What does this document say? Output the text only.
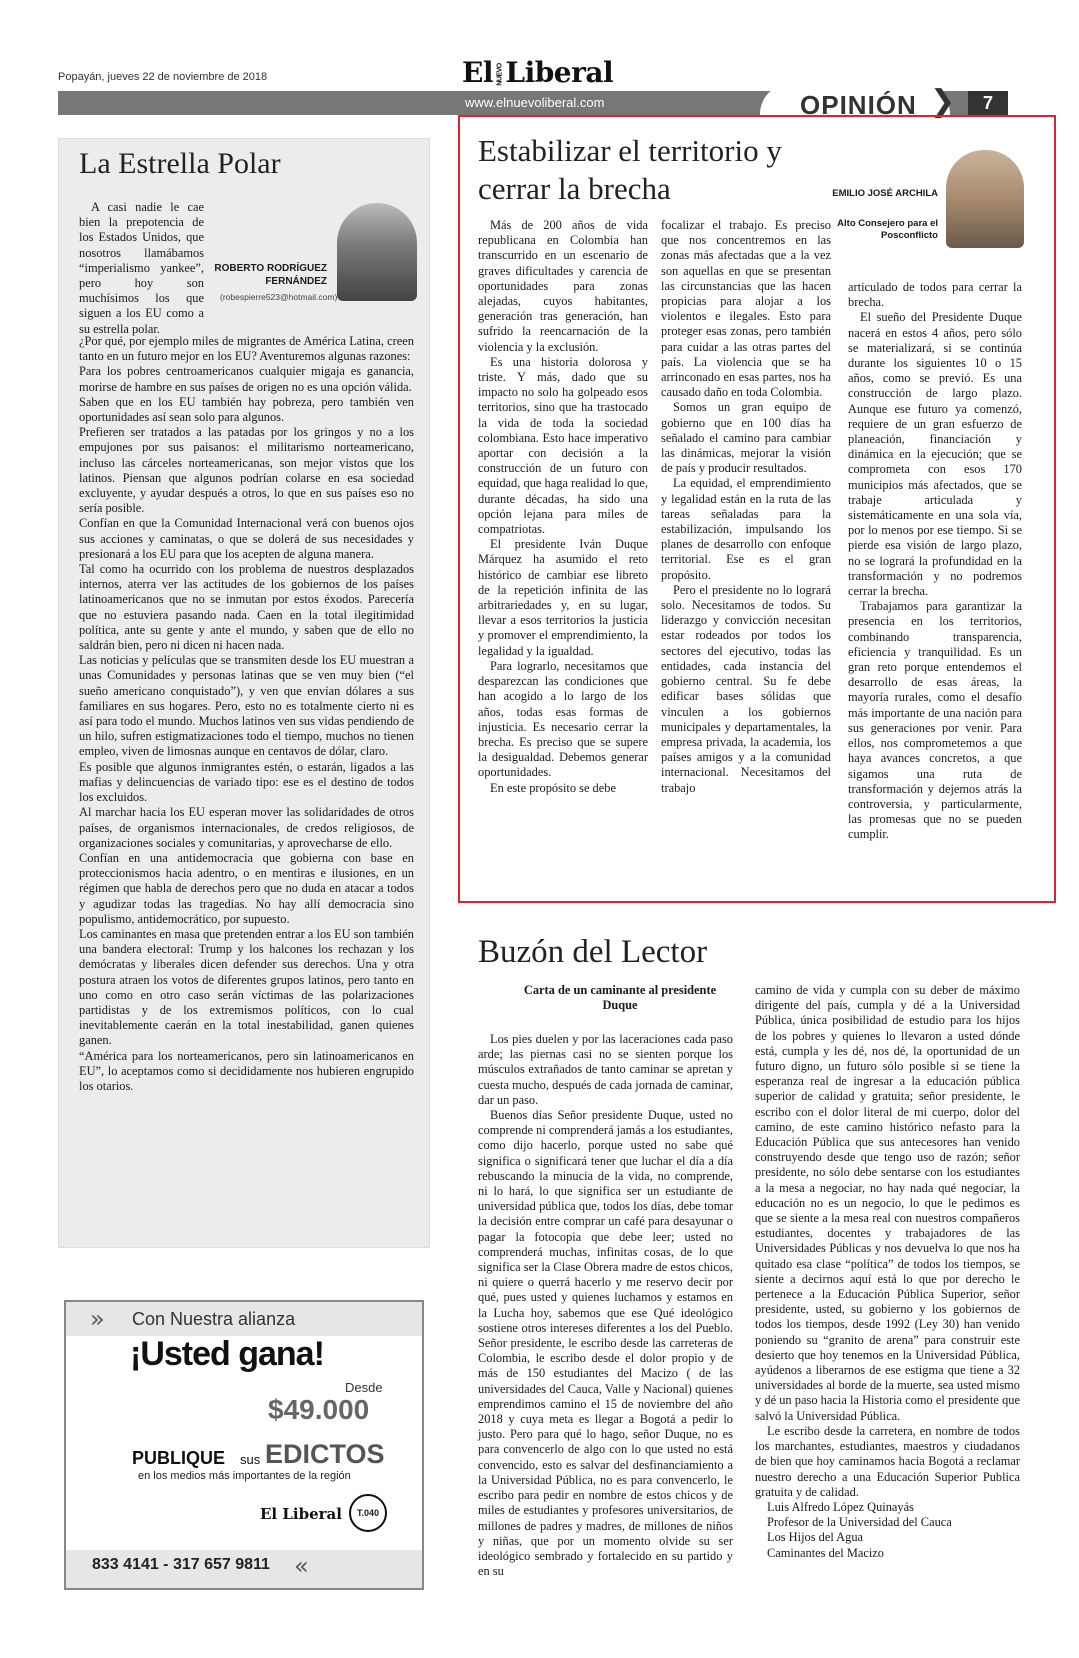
Popayán, jueves 22 de noviembre de 2018	El NUEVOLiberal
www.elnuevoliberal.com	OPINIÓN ❯	7
La Estrella Polar

A casi nadie le cae bien la prepotencia de los Estados Unidos, que nosotros llamábamos “imperialismo yankee”, pero hoy son muchísimos los que siguen a los EU como a su estrella polar.

ROBERTO RODRÍGUEZ FERNÁNDEZ
(robespierre523@hotmail.com)

¿Por qué, por ejemplo miles de migrantes de América Latina, creen tanto en un futuro mejor en los EU? Aventuremos algunas razones:

Para los pobres centroamericanos cualquier migaja es ganancia, morirse de hambre en sus países de origen no es una opción válida.

Saben que en los EU también hay pobreza, pero también ven oportunidades así sean solo para algunos.

Prefieren ser tratados a las patadas por los gringos y no a los empujones por sus paisanos: el militarismo norteamericano, incluso las cárceles norteamericanas, son mejor vistos que los latinos. Piensan que algunos podrían colarse en esa sociedad excluyente, y ayudar después a otros, lo que en sus países eso no sería posible.

Confían en que la Comunidad Internacional verá con buenos ojos sus acciones y caminatas, o que se dolerá de sus necesidades y presionará a los EU para que los acepten de alguna manera.

Tal como ha ocurrido con los problema de nuestros desplazados internos, aterra ver las actitudes de los gobiernos de los países latinoamericanos que no se inmutan por estos éxodos. Parecería que no estuviera pasando nada. Caen en la total ilegitimidad política, ante su gente y ante el mundo, y saben que de ello no saldrán bien, pero ni dicen ni hacen nada.

Las noticias y películas que se transmiten desde los EU muestran a unas Comunidades y personas latinas que se ven muy bien (“el sueño americano conquistado”), y ven que envían dólares a sus familiares en sus hogares. Pero, esto no es totalmente cierto ni es así para todo el mundo. Muchos latinos ven sus vidas pendiendo de un hilo, sufren estigmatizaciones todo el tiempo, muchos no tienen empleo, viven de limosnas aunque en centavos de dólar, claro.

Es posible que algunos inmigrantes estén, o estarán, ligados a las mafias y delincuencias de variado tipo: ese es el destino de todos los excluidos.

Al marchar hacia los EU esperan mover las solidaridades de otros países, de organismos internacionales, de credos religiosos, de organizaciones sociales y comunitarias, y aprovecharse de ello.

Confían en una antidemocracia que gobierna con base en proteccionismos hacia adentro, o en mentiras e ilusiones, en un régimen que habla de derechos pero que no duda en atacar a todos y agudizar todas las tragedias. No hay allí democracia sino populismo, antidemocrático, por supuesto.

Los caminantes en masa que pretenden entrar a los EU son también una bandera electoral: Trump y los halcones los rechazan y los demócratas y liberales dicen defender sus derechos. Una y otra postura atraen los votos de diferentes grupos latinos, pero tanto en uno como en otro caso serán víctimas de las polarizaciones partidistas y de los extremismos políticos, con lo cual inevitablemente caerán en la total inestabilidad, ganen quienes ganen.

“América para los norteamericanos, pero sin latinoamericanos en EU”, lo aceptamos como si decididamente nos hubieren engrupido los otarios.

» Con Nuestra alianza
¡Usted gana!
Desde
$49.000
PUBLIQUE sus EDICTOS
en los medios más importantes de la región
El Liberal	T.040
833 4141 - 317 657 9811 «
Estabilizar el territorio y cerrar la brecha	EMILIO JOSÉ ARCHILA
Alto Consejero para el Posconflicto

Más de 200 años de vida republicana en Colombia han transcurrido en un escenario de graves dificultades y carencia de oportunidades para zonas alejadas, cuyos habitantes, generación tras generación, han sufrido la reencarnación de la violencia y la exclusión.

Es una historia dolorosa y triste. Y más, dado que su impacto no solo ha golpeado esos territorios, sino que ha trastocado la vida de toda la sociedad colombiana. Esto hace imperativo aportar con decisión a la construcción de un futuro con equidad, que haga realidad lo que, durante décadas, ha sido una opción lejana para miles de compatriotas.

El presidente Iván Duque Márquez ha asumido el reto histórico de cambiar ese libreto de la repetición infinita de las arbitrariedades y, en su lugar, llevar a esos territorios la justicia y promover el emprendimiento, la legalidad y la igualdad.

Para lograrlo, necesitamos que desparezcan las condiciones que han acogido a lo largo de los años, todas esas formas de injusticia. Es necesario cerrar la brecha. Es preciso que se supere la desigualdad. Debemos generar oportunidades.

En este propósito se debe

focalizar el trabajo. Es preciso que nos concentremos en las zonas más afectadas que a la vez son aquellas en que se presentan las circunstancias que las hacen propicias para alojar a los violentos e ilegales. Esto para proteger esas zonas, pero también para cuidar a las otras partes del país. La violencia que se ha arrinconado en esas partes, nos ha causado daño en toda Colombia.

Somos un gran equipo de gobierno que en 100 días ha señalado el camino para cambiar las dinámicas, mejorar la visión de país y producir resultados.

La equidad, el emprendimiento y legalidad están en la ruta de las tareas señaladas para la estabilización, impulsando los planes de desarrollo con enfoque territorial. Ese es el gran propósito.

Pero el presidente no lo logrará solo. Necesitamos de todos. Su liderazgo y convicción necesitan estar rodeados por todos los sectores del ejecutivo, todas las entidades, cada instancia del gobierno central. Su fe debe edificar bases sólidas que vinculen a los gobiernos municipales y departamentales, la empresa privada, la academia, los países amigos y a la comunidad internacional. Necesitamos del trabajo

articulado de todos para cerrar la brecha.

El sueño del Presidente Duque nacerá en estos 4 años, pero sólo se materializará, si se continúa durante los siguientes 10 o 15 años, como se previó. Es una construcción de largo plazo. Aunque ese futuro ya comenzó, requiere de un gran esfuerzo de planeación, financiación y dinámica en la ejecución; que se comprometa con esos 170 municipios más afectados, que se trabaje articulada y sistemáticamente en una sola vía, por lo menos por ese tiempo. Si se pierde esa visión de largo plazo, no se logrará la profundidad en la transformación y no podremos cerrar la brecha.

Trabajamos para garantizar la presencia en los territorios, combinando transparencia, eficiencia y tranquilidad. Es un gran reto porque entendemos el desarrollo de esas áreas, la mayoría rurales, como el desafío más importante de una nación para sus generaciones por venir. Para ellos, nos comprometemos a que haya avances concretos, a que sigamos una ruta de transformación y dejemos atrás la controversia, y particularmente, las promesas que no se pueden cumplir.

Buzón del Lector
Carta de un caminante al presidente Duque

Los pies duelen y por las laceraciones cada paso arde; las piernas casi no se sienten porque los músculos extrañados de tanto caminar se apretan y cuesta mucho, después de cada jornada de caminar, dar un paso.

Buenos días Señor presidente Duque, usted no comprende ni comprenderá jamás a los estudiantes, como dijo hacerlo, porque usted no sabe qué significa o significará tener que luchar el día a día rebuscando la minucia de la vida, no comprende, ni lo hará, lo que significa ser un estudiante de universidad pública que, todos los días, debe tomar la decisión entre comprar un café para desayunar o pagar la fotocopia que debe leer; usted no comprenderá muchas, infinitas cosas, de lo que significa ser la Clase Obrera madre de estos chicos, ni quiere o querrá hacerlo y me reservo decir por qué, pues usted y quienes luchamos y estamos en la Lucha hoy, sabemos que ese Qué ideológico sostiene otros intereses diferentes a los del Pueblo. Señor presidente, le escribo desde las carreteras de Colombia, le escribo desde el dolor propio y de más de 150 estudiantes del Macizo ( de las universidades del Cauca, Valle y Nacional) quienes emprendimos camino el 15 de noviembre del año 2018 y cuya meta es llegar a Bogotá a pedir lo justo. Pero para qué lo hago, señor Duque, no es para convencerlo de algo con lo que usted no está convencido, esto es salvar del desfinanciamiento a la Universidad Pública, no es para convencerlo, le escribo para pedir en nombre de estos chicos y de miles de estudiantes y profesores universitarios, de millones de padres y madres, de millones de niños y niñas, que por un momento olvide su ser ideológico sembrado y fortalecido en su partido y en su

camino de vida y cumpla con su deber de máximo dirigente del país, cumpla y dé a la Universidad Pública, única posibilidad de estudio para los hijos de los pobres y quienes lo llevaron a usted dónde está, cumpla y les dé, nos dé, la oportunidad de un futuro digno, un futuro sólo posible si se tiene la esperanza real de ingresar a la educación pública superior de calidad y gratuita; señor presidente, le escribo con el dolor literal de mi cuerpo, dolor del camino, de este camino histórico nefasto para la Educación Pública que sus antecesores han venido construyendo desde que tengo uso de razón; señor presidente, no sólo debe sentarse con los estudiantes a la mesa a negociar, no hay nada qué negociar, la educación no es un negocio, lo que le pedimos es que se siente a la mesa real con nuestros compañeros estudiantes, docentes y trabajadores de las Universidades Públicas y nos devuelva lo que nos ha quitado esa clase “política” de todos los tiempos, se siente a decirnos aquí está lo que por derecho le pertenece a la Educación Pública Superior, señor presidente, usted, su gobierno y los gobiernos de todos los tiempos, desde 1992 (Ley 30) han venido poniendo su “granito de arena” para construir este desierto que hoy tenemos en la Universidad Pública, ayúdenos a liberarnos de ese estigma que tiene a 32 universidades al borde de la muerte, sea usted mismo y dé un paso hacia la Historia como el presidente que salvó la Universidad Pública.

Le escribo desde la carretera, en nombre de todos los marchantes, estudiantes, maestros y ciudadanos de bien que hoy caminamos hacia Bogotá a reclamar nuestro derecho a una Educación Superior Publica gratuita y de calidad.

Luis Alfredo López Quinayás

Profesor de la Universidad del Cauca

Los Hijos del Agua

Caminantes del Macizo
